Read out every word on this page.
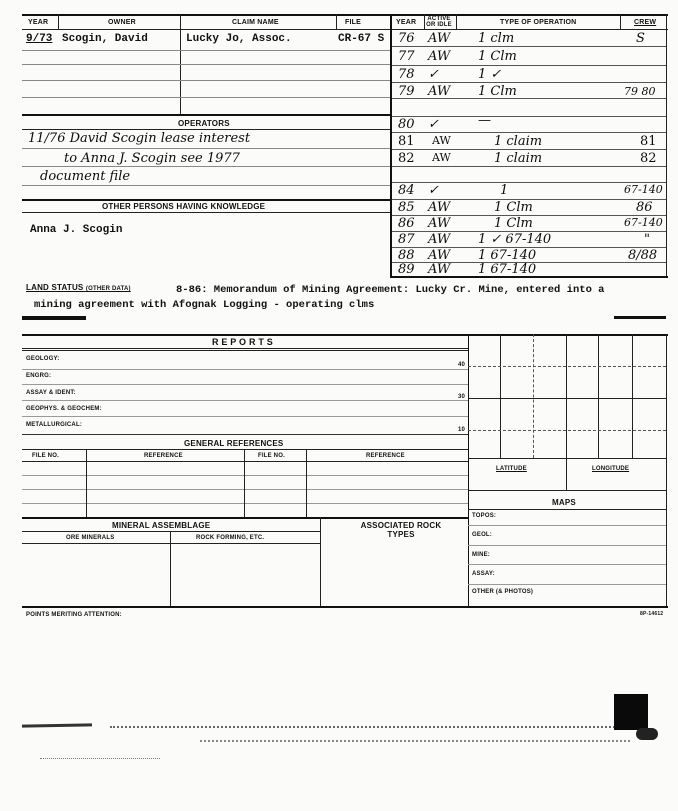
YEAR	OWNER	CLAIM NAME	FILE	YEAR ACTIVE OR IDLE	TYPE OF OPERATION	CREW
9/73 Scogin, David	Lucky Jo, Assoc.	CR-67 S
OPERATORS
11/76 David Scogin lease interest
to Anna J. Scogin see 1977
document file
OTHER PERSONS HAVING KNOWLEDGE
Anna J. Scogin
76 AW 1 clm	S
77 AW 1 Clm
78 ✓	1 ✓
79 AW 1 Clm	79 80
80 ✓	—
81 AW	1 claim	81
82 AW	1 claim	82
84 ✓	1	67-140
85 AW	1 Clm	86
86 AW	1 Clm	67-140
87 AW 1 ✓ 67-140	"
88 AW 1 67-140	8/88
89 AW 1 67-140
LAND STATUS (OTHER DATA)	8-86: Memorandum of Mining Agreement: Lucky Cr. Mine, entered into a
mining agreement with Afognak Logging - operating clms
R E P O R T S
GEOLOGY:
40
ENGRG:
ASSAY & IDENT:
30
GEOPHYS. & GEOCHEM:
METALLURGICAL:
10
GENERAL REFERENCES
FILE NO.	REFERENCE	FILE NO.	REFERENCE
MINERAL ASSEMBLAGE	ASSOCIATED ROCK TYPES
ORE MINERALS	ROCK FORMING, ETC.
LATITUDE	LONGITUDE
MAPS
TOPOS:
GEOL:
MINE:
ASSAY:
OTHER (& PHOTOS)
POINTS MERITING ATTENTION:	8P-14612
